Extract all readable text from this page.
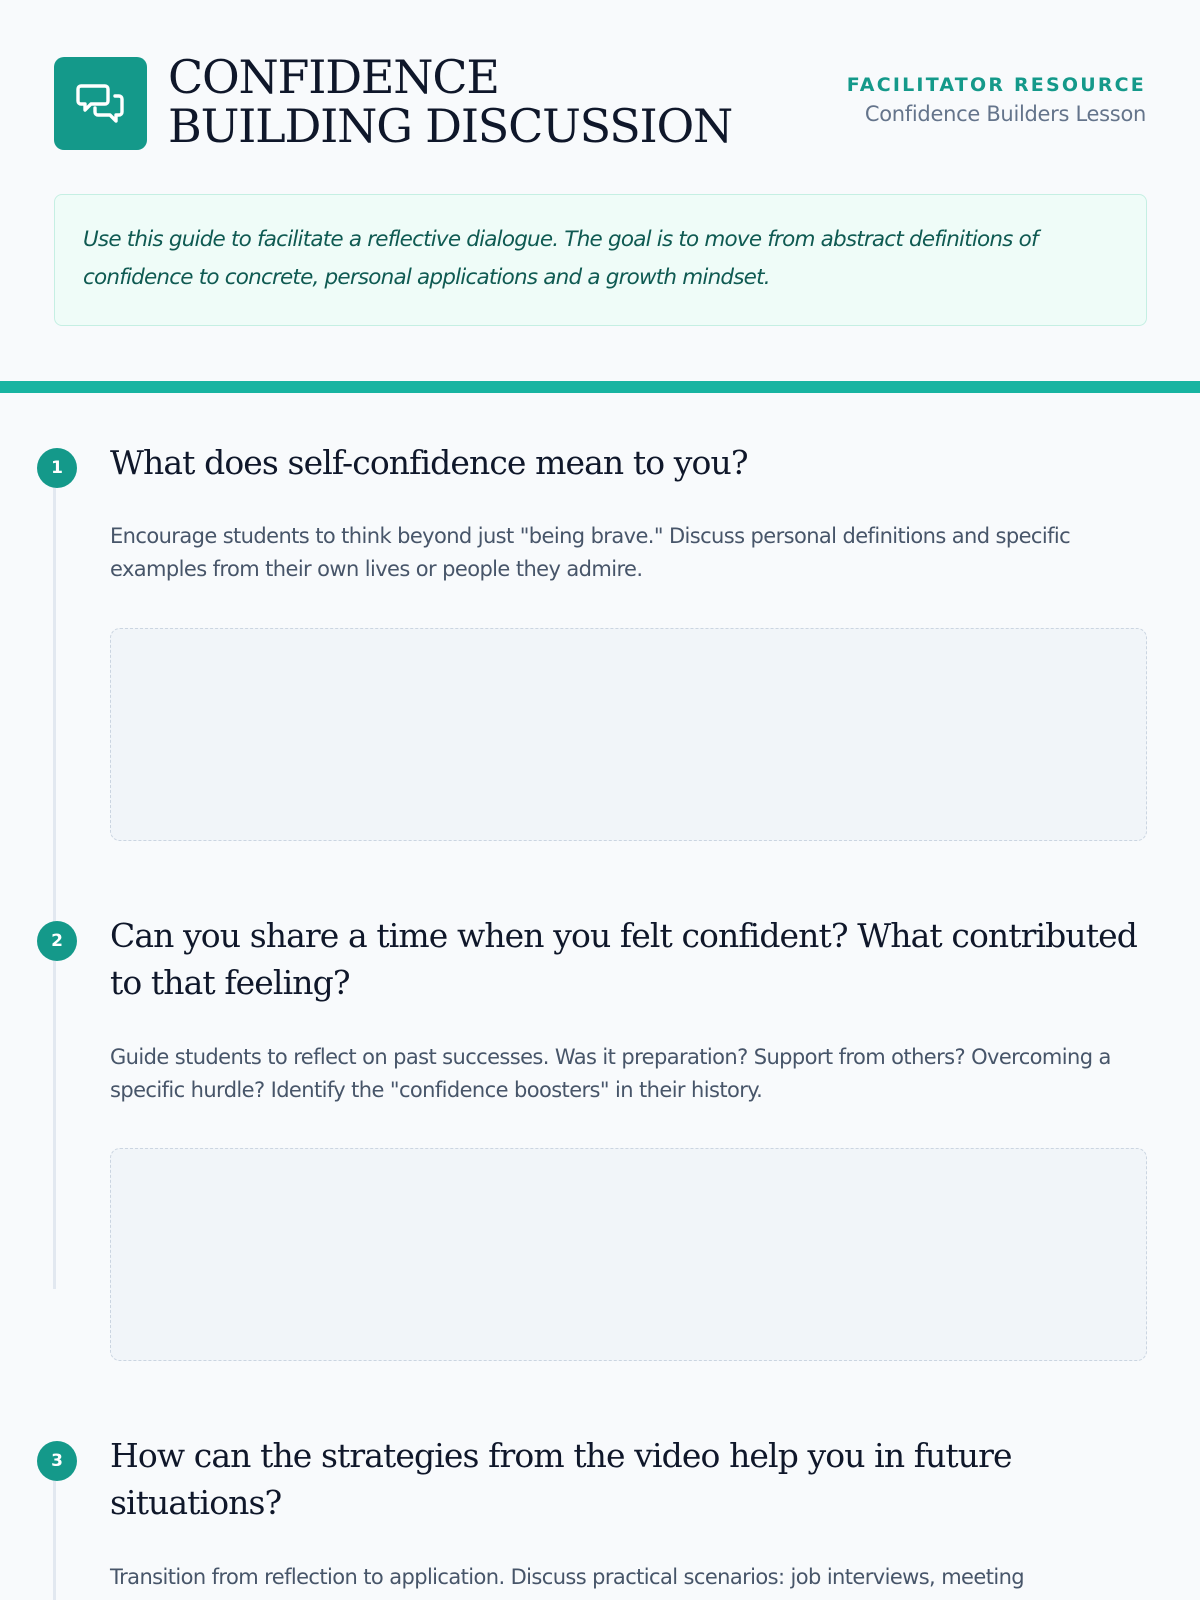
CONFIDENCE
BUILDING DISCUSSION
FACILITATOR RESOURCE
Confidence Builders Lesson

Use this guide to facilitate a reflective dialogue. The goal is to move from abstract definitions of confidence to concrete, personal applications and a growth mindset.

1	What does self-confidence mean to you?

Encourage students to think beyond just "being brave." Discuss personal definitions and specific examples from their own lives or people they admire.

2	Can you share a time when you felt confident? What contributed to that feeling?

Guide students to reflect on past successes. Was it preparation? Support from others? Overcoming a specific hurdle? Identify the "confidence boosters" in their history.

3	How can the strategies from the video help you in future situations?

Transition from reflection to application. Discuss practical scenarios: job interviews, meeting
